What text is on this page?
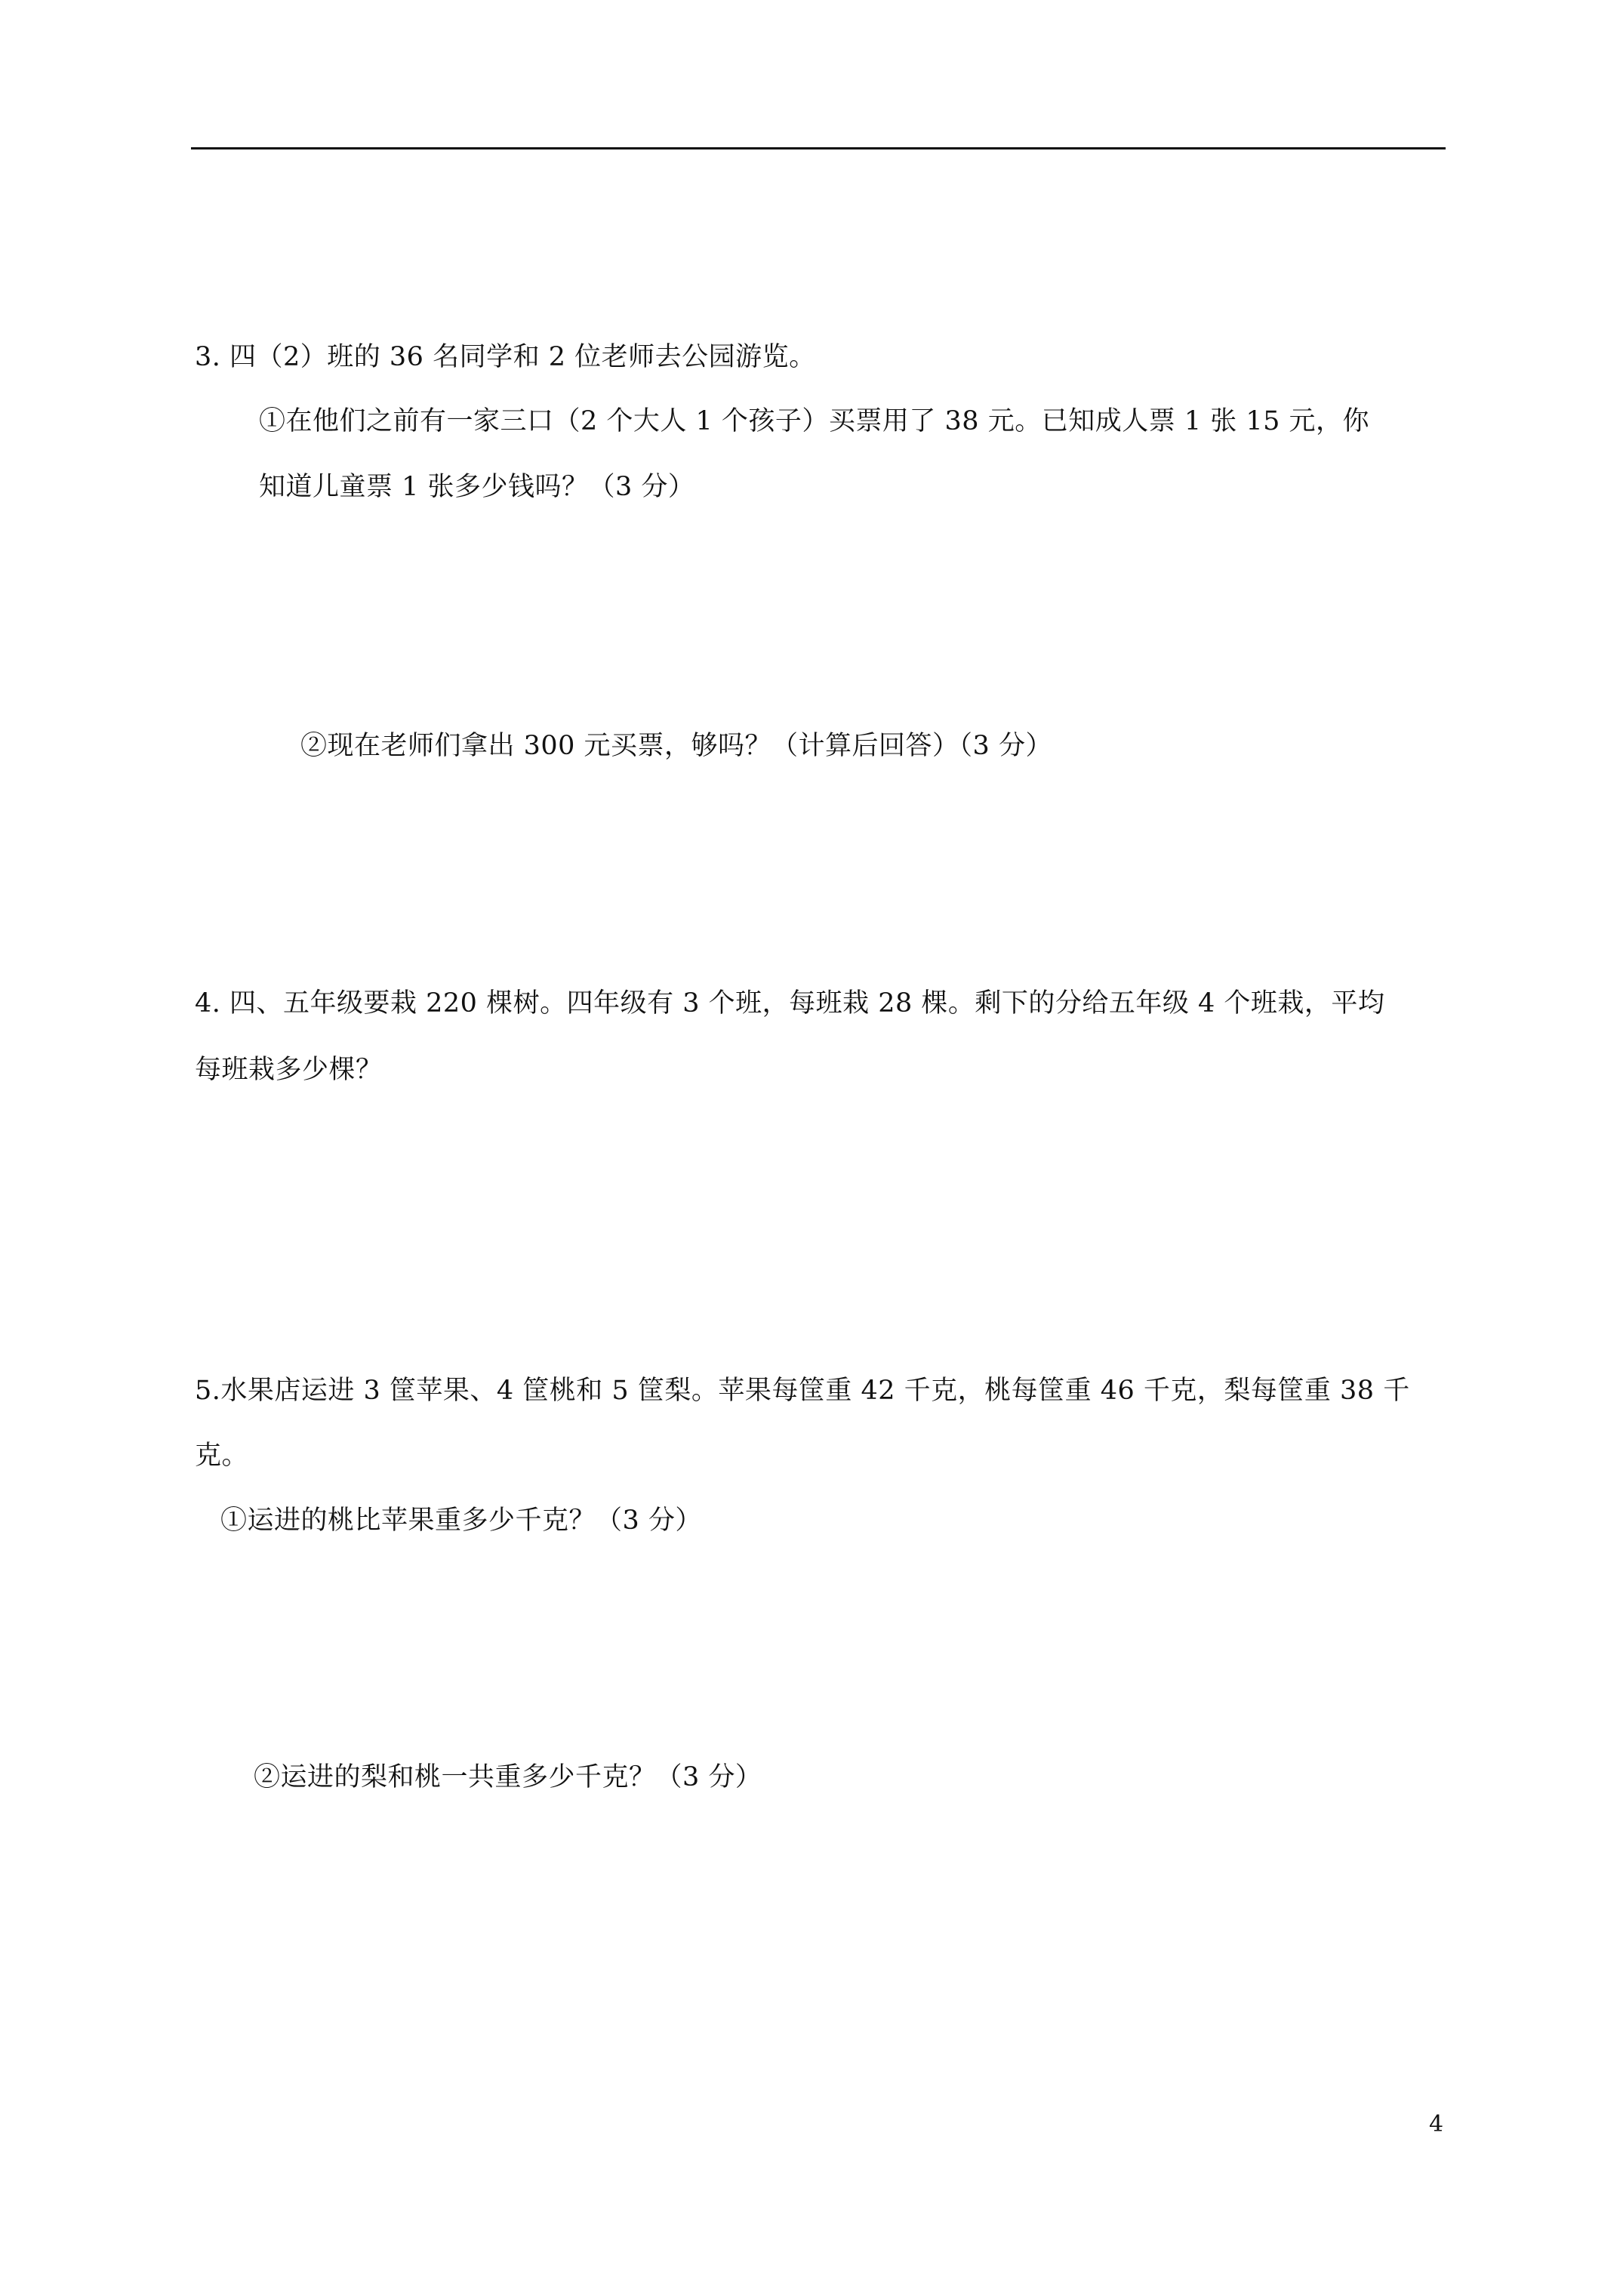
3. 四（2）班的 36 名同学和 2 位老师去公园游览。
①在他们之前有一家三口（2 个大人 1 个孩子）买票用了 38 元。已知成人票 1 张 15 元，你
知道儿童票 1 张多少钱吗？（3 分）
②现在老师们拿出 300 元买票，够吗？（计算后回答）（3 分）
4. 四、五年级要栽 220 棵树。四年级有 3 个班，每班栽 28 棵。剩下的分给五年级 4 个班栽，平均
每班栽多少棵？
5.水果店运进 3 筐苹果、4 筐桃和 5 筐梨。苹果每筐重 42 千克，桃每筐重 46 千克，梨每筐重 38 千
克。
①运进的桃比苹果重多少千克？（3 分）
②运进的梨和桃一共重多少千克？（3 分）
4
